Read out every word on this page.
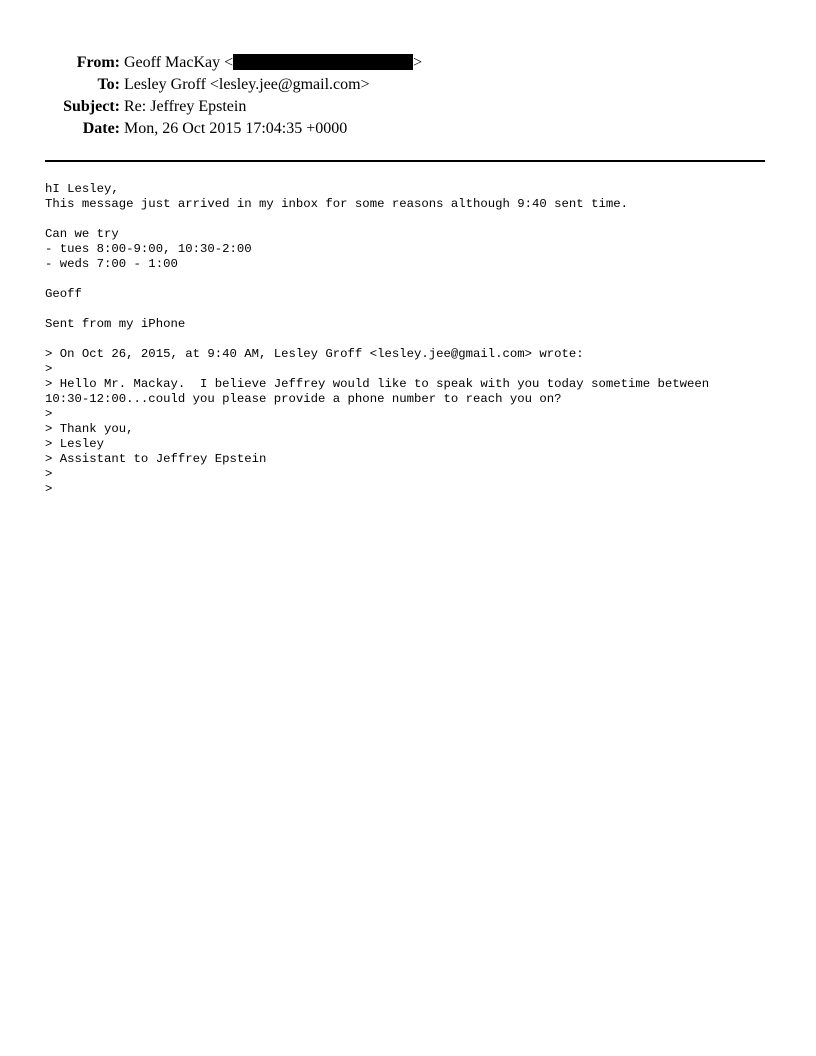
From: Geoff MacKay <	>
To: Lesley Groff <lesley.jee@gmail.com>
Subject: Re: Jeffrey Epstein
Date: Mon, 26 Oct 2015 17:04:35 +0000
hI Lesley,
This message just arrived in my inbox for some reasons although 9:40 sent time.
Can we try
- tues 8:00-9:00, 10:30-2:00
- weds 7:00 - 1:00
Geoff
Sent from my iPhone
> On Oct 26, 2015, at 9:40 AM, Lesley Groff <lesley.jee@gmail.com> wrote:
>
> Hello Mr. Mackay.  I believe Jeffrey would like to speak with you today sometime between
10:30-12:00...could you please provide a phone number to reach you on?
>
> Thank you,
> Lesley
> Assistant to Jeffrey Epstein
>
>
